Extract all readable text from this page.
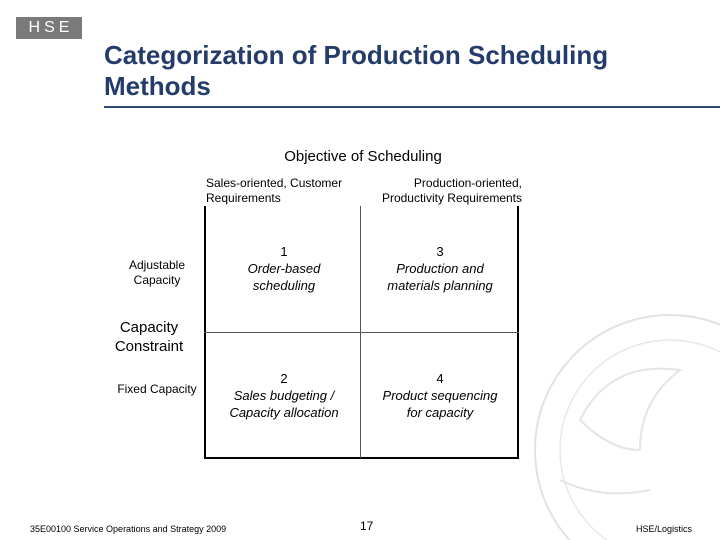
HSE
Categorization of Production Scheduling Methods
Objective of Scheduling
Sales-oriented, Customer Requirements
Production-oriented, Productivity Requirements
Capacity Constraint
Adjustable Capacity
Fixed Capacity
1
Order-based scheduling
3
Production and materials planning
2
Sales budgeting / Capacity allocation
4
Product sequencing for capacity
35E00100 Service Operations and Strategy 2009	17	HSE/Logistics
